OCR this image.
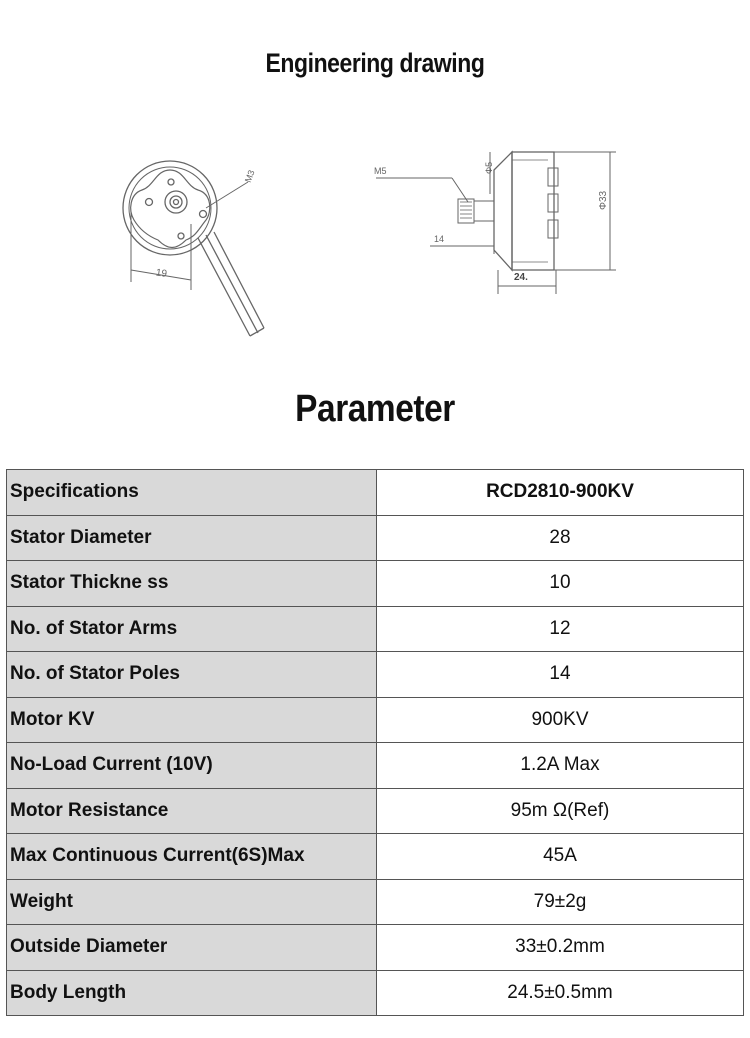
Engineering drawing
19
M3	M5	Φ5
14
Φ33
24.
Parameter
Specifications	RCD2810-900KV
Stator Diameter	28
Stator Thickne ss	10
No. of Stator Arms	12
No. of Stator Poles	14
Motor KV	900KV
No-Load Current (10V)	1.2A Max
Motor Resistance	95m Ω(Ref)
Max Continuous Current(6S)Max	45A
Weight	79±2g
Outside Diameter	33±0.2mm
Body Length	24.5±0.5mm
